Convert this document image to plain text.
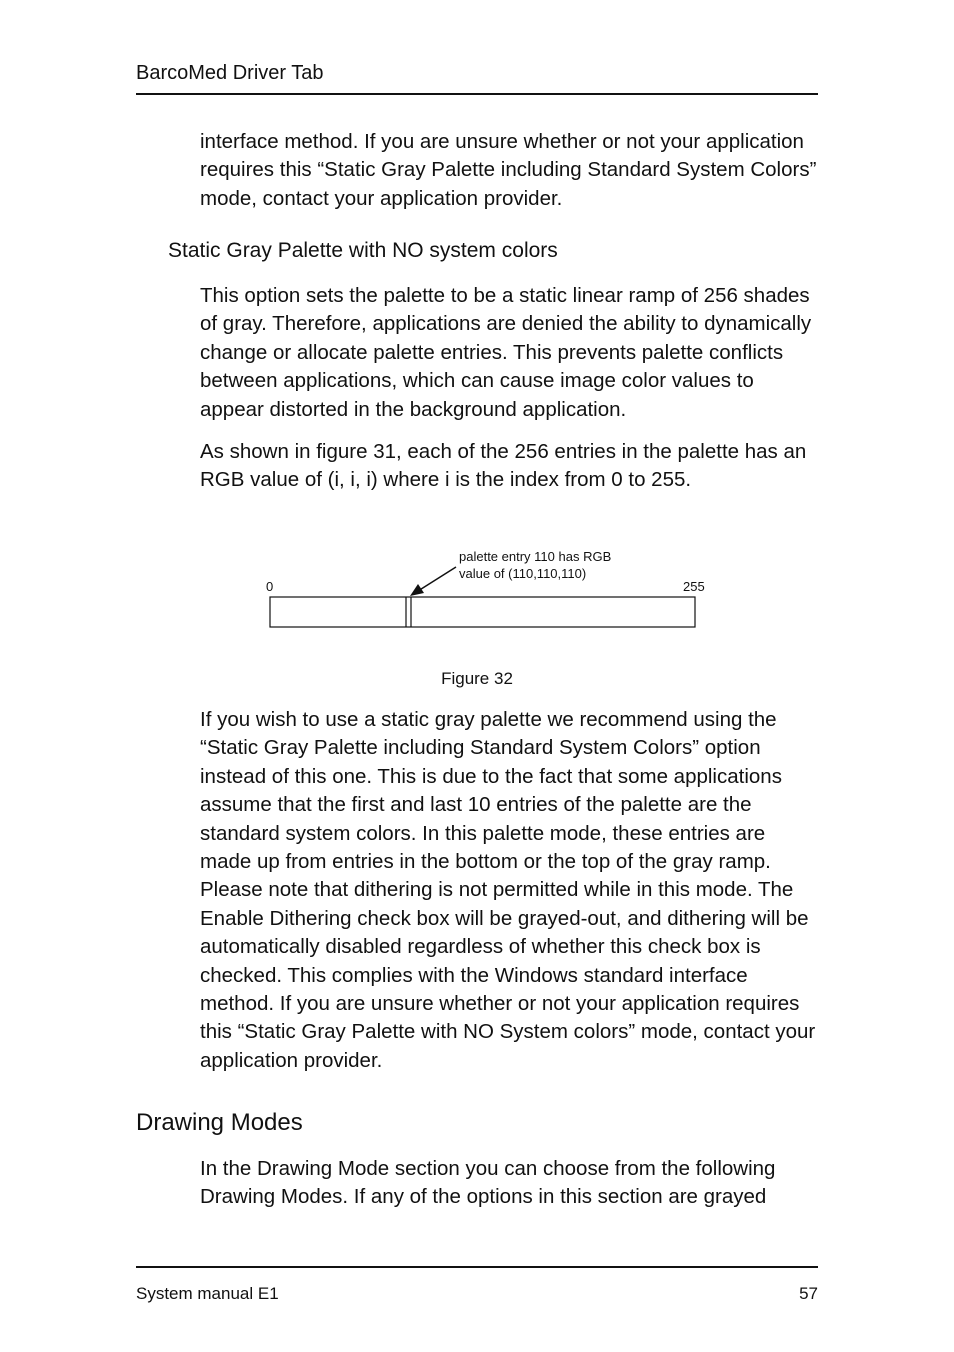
BarcoMed Driver Tab

interface method. If you are unsure whether or not your application requires this “Static Gray Palette including Standard System Colors” mode, contact your application provider.

Static Gray Palette with NO system colors

This option sets the palette to be a static linear ramp of 256 shades of gray. Therefore, applications are denied the ability to dynamically change or allocate palette entries. This prevents palette conflicts between applications, which can cause image color values to appear distorted in the background application.

As shown in figure 31, each of the 256 entries in the palette has an RGB value of (i, i, i) where i is the index from 0 to 255.

0	255
palette entry 110 has RGB
value of (110,110,110)
Figure 32

If you wish to use a static gray palette we recommend using the “Static Gray Palette including Standard System Colors” option instead of this one. This is due to the fact that some applications assume that the first and last 10 entries of the palette are the standard system colors. In this palette mode, these entries are made up from entries in the bottom or the top of the gray ramp. Please note that dithering is not permitted while in this mode. The Enable Dithering check box will be grayed-out, and dithering will be automatically disabled regardless of whether this check box is checked. This complies with the Windows standard interface method. If you are unsure whether or not your application requires this “Static Gray Palette with NO System colors” mode, contact your application provider.

Drawing Modes

In the Drawing Mode section you can choose from the following Drawing Modes. If any of the options in this section are grayed

System manual E1	57
